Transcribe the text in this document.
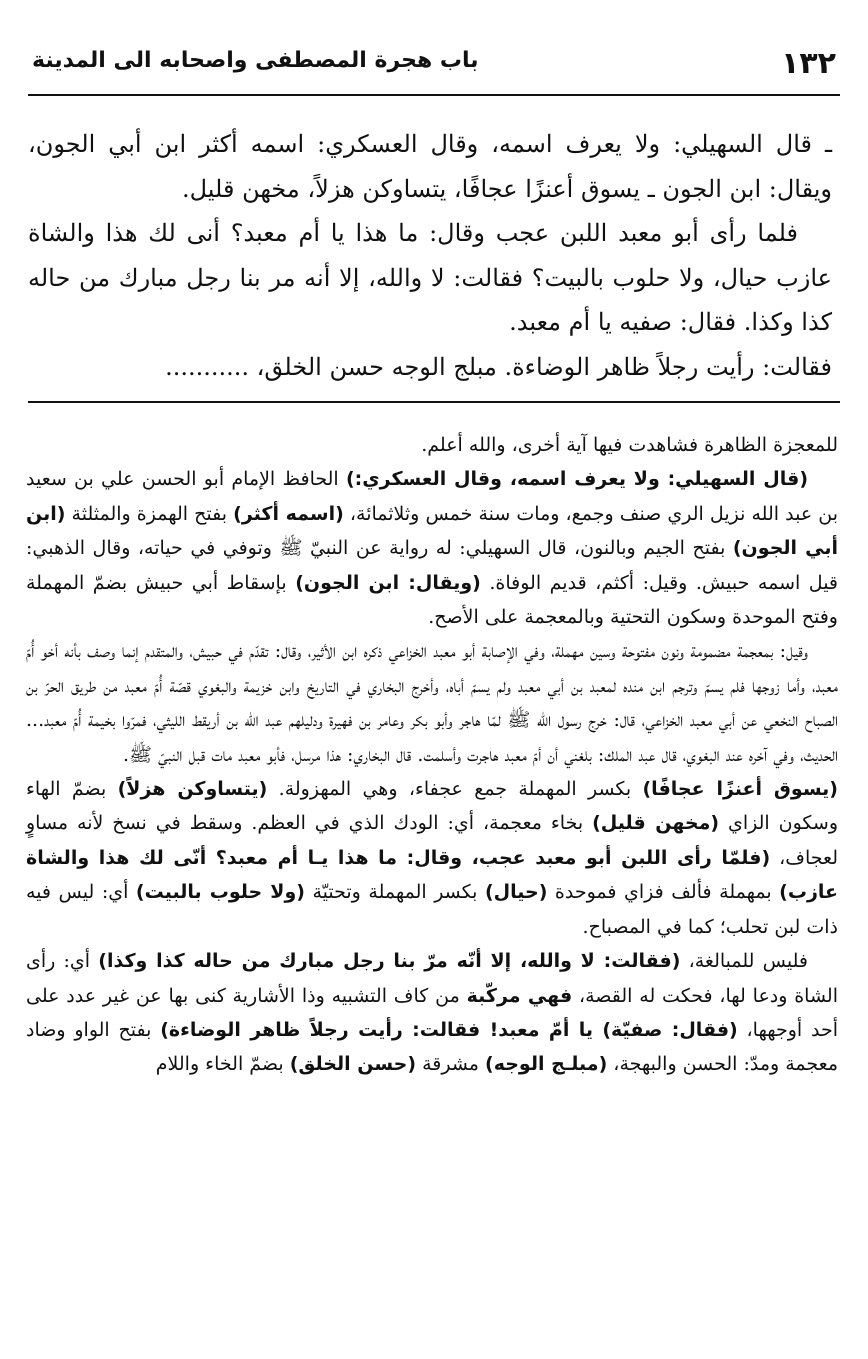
١٣٢
باب هجرة المصطفى واصحابه الى المدينة

ـ قال السهيلي: ولا يعرف اسمه، وقال العسكري: اسمه أكثر ابن أبي الجون، ويقال: ابن الجون ـ يسوق أعنزًا عجافًا، يتساوكن هزلاً، مخهن قليل.

فلما رأى أبو معبد اللبن عجب وقال: ما هذا يا أم معبد؟ أنى لك هذا والشاة عازب حيال، ولا حلوب بالبيت؟ فقالت: لا والله، إلا أنه مر بنا رجل مبارك من حاله كذا وكذا. فقال: صفيه يا أم معبد.

فقالت: رأيت رجلاً ظاهر الوضاءة. مبلج الوجه حسن الخلق، ...........

للمعجزة الظاهرة فشاهدت فيها آية أخرى، والله أعلم.

(قال السهيلي: ولا يعرف اسمه، وقال العسكري:) الحافظ الإمام أبو الحسن علي بن سعيد بن عبد الله نزيل الري صنف وجمع، ومات سنة خمس وثلاثمائة، (اسمه أكثر) بفتح الهمزة والمثلثة (ابن أبي الجون) بفتح الجيم وبالنون، قال السهيلي: له رواية عن النبيّ ﷺ وتوفي في حياته، وقال الذهبي: قيل اسمه حبيش. وقيل: أكثم، قديم الوفاة. (ويقال: ابن الجون) بإسقاط أبي حبيش بضمّ المهملة وفتح الموحدة وسكون التحتية وبالمعجمة على الأصح.

وقيل: بمعجمة مضمومة ونون مفتوحة وسين مهملة، وفي الإصابة أبو معبد الخزاعي ذكره ابن الأثير، وقال: تقدّم في حبيش، والمتقدم إنما وصف بأنه أخو أُمّ معبد، وأما زوجها فلم يسمّ وترجم ابن منده لمعبد بن أبي معبد ولم يسمّ أباه، وأخرج البخاري في التاريخ وابن خزيمة والبغوي قصّة أُمّ معبد من طريق الحرّ بن الصباح النخعي عن أبي معبد الخزاعي، قال: خرج رسول الله ﷺ لمّا هاجر وأبو بكر وعامر بن فهيرة ودليلهم عبد الله بن أريقط الليثي، فمرّوا بخيمة أُمّ معبد... الحديث، وفي آخره عند البغوي، قال عبد الملك: بلغني أن أمّ معبد هاجرت وأسلمت. قال البخاري: هذا مرسل، فأبو معبد مات قبل النبيّ ﷺ.

(يسوق أعنزًا عجافًا) بكسر المهملة جمع عجفاء، وهي المهزولة. (يتساوكن هزلاً) بضمّ الهاء وسكون الزاي (مخهن قليل) بخاء معجمة، أي: الودك الذي في العظم. وسقط في نسخ لأنه مساوٍ لعجاف، (فلمّا رأى اللبن أبو معبد عجب، وقال: ما هذا يـا أم معبد؟ أنّى لك هذا والشاة عازب) بمهملة فألف فزاي فموحدة (حيال) بكسر المهملة وتحتيّة (ولا حلوب بالبيت) أي: ليس فيه ذات لبن تحلب؛ كما في المصباح.

فليس للمبالغة، (فقالت: لا والله، إلا أنّه مرّ بنا رجل مبارك من حاله كذا وكذا) أي: رأى الشاة ودعا لها، فحكت له القصة، فهي مركّبة من كاف التشبيه وذا الأشارية كنى بها عن غير عدد على أحد أوجهها، (فقال: صفيّة) يا أمّ معبد! فقالت: رأيت رجلاً ظاهر الوضاءة) بفتح الواو وضاد معجمة ومدّ: الحسن والبهجة، (مبلـج الوجه) مشرقة (حسن الخلق) بضمّ الخاء واللام
